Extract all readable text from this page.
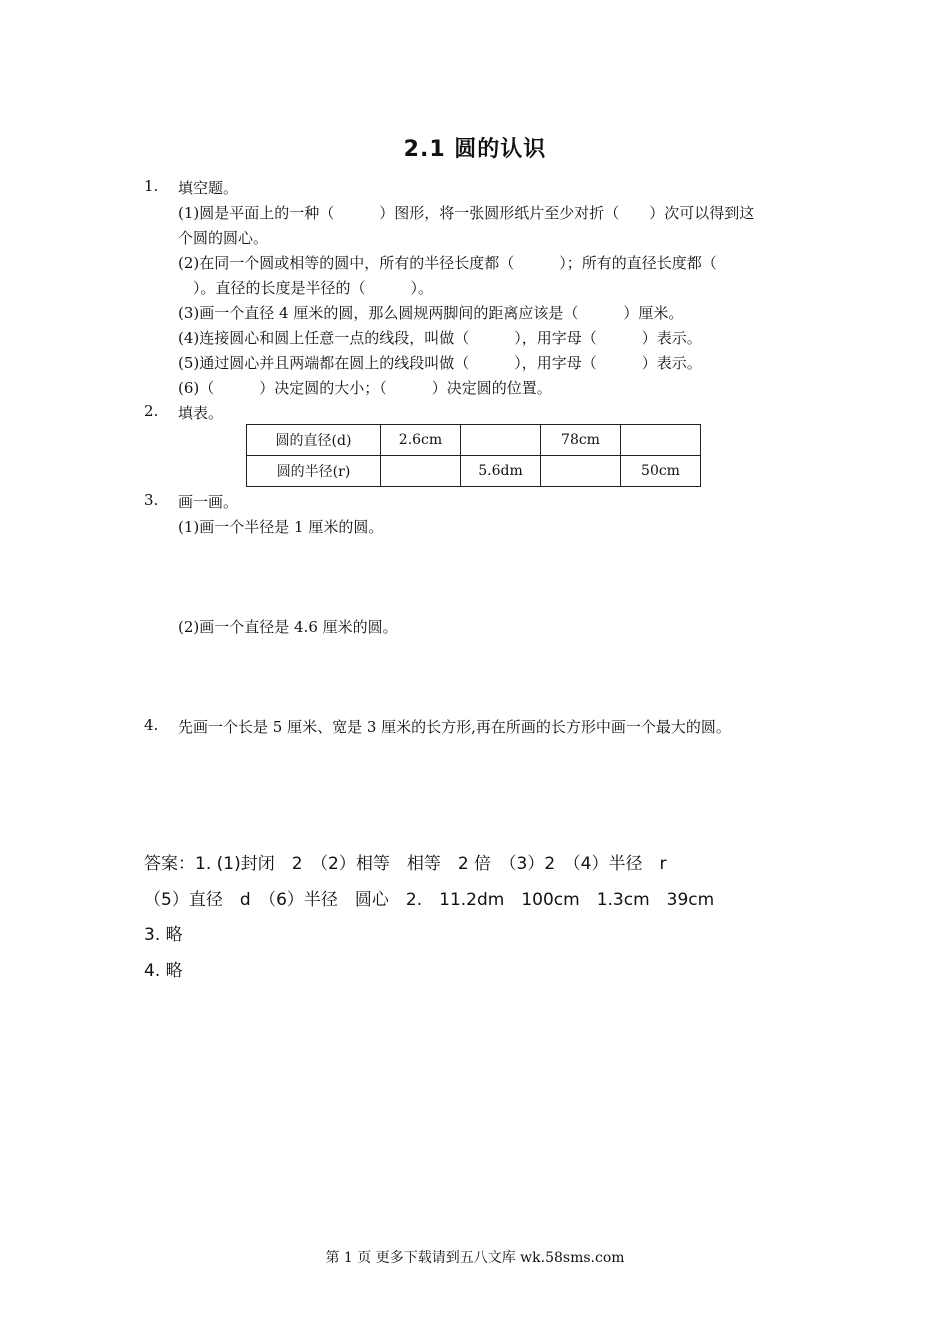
2.1 圆的认识
1. 填空题。
(1)圆是平面上的一种（　　　）图形，将一张圆形纸片至少对折（　　）次可以得到这
个圆的圆心。
(2)在同一个圆或相等的圆中，所有的半径长度都（　　　）；所有的直径长度都（
　）。直径的长度是半径的（　　　）。
(3)画一个直径 4 厘米的圆，那么圆规两脚间的距离应该是（　　　）厘米。
(4)连接圆心和圆上任意一点的线段，叫做（　　　），用字母（　　　）表示。
(5)通过圆心并且两端都在圆上的线段叫做（　　　），用字母（　　　）表示。
(6)（　　　）决定圆的大小；（　　　）决定圆的位置。
2. 填表。
圆的直径(d)	2.6cm		78cm	
圆的半径(r)		5.6dm		50cm
3. 画一画。
(1)画一个半径是 1 厘米的圆。
(2)画一个直径是 4.6 厘米的圆。
4. 先画一个长是 5 厘米、宽是 3 厘米的长方形,再在所画的长方形中画一个最大的圆。
答案：1. (1)封闭　2　（2）相等　相等　2 倍　（3）2　（4）半径　r
（5）直径　d　（6）半径　圆心　2.　11.2dm　100cm　1.3cm　39cm
3. 略
4. 略
第 1 页 更多下载请到五八文库 wk.58sms.com
